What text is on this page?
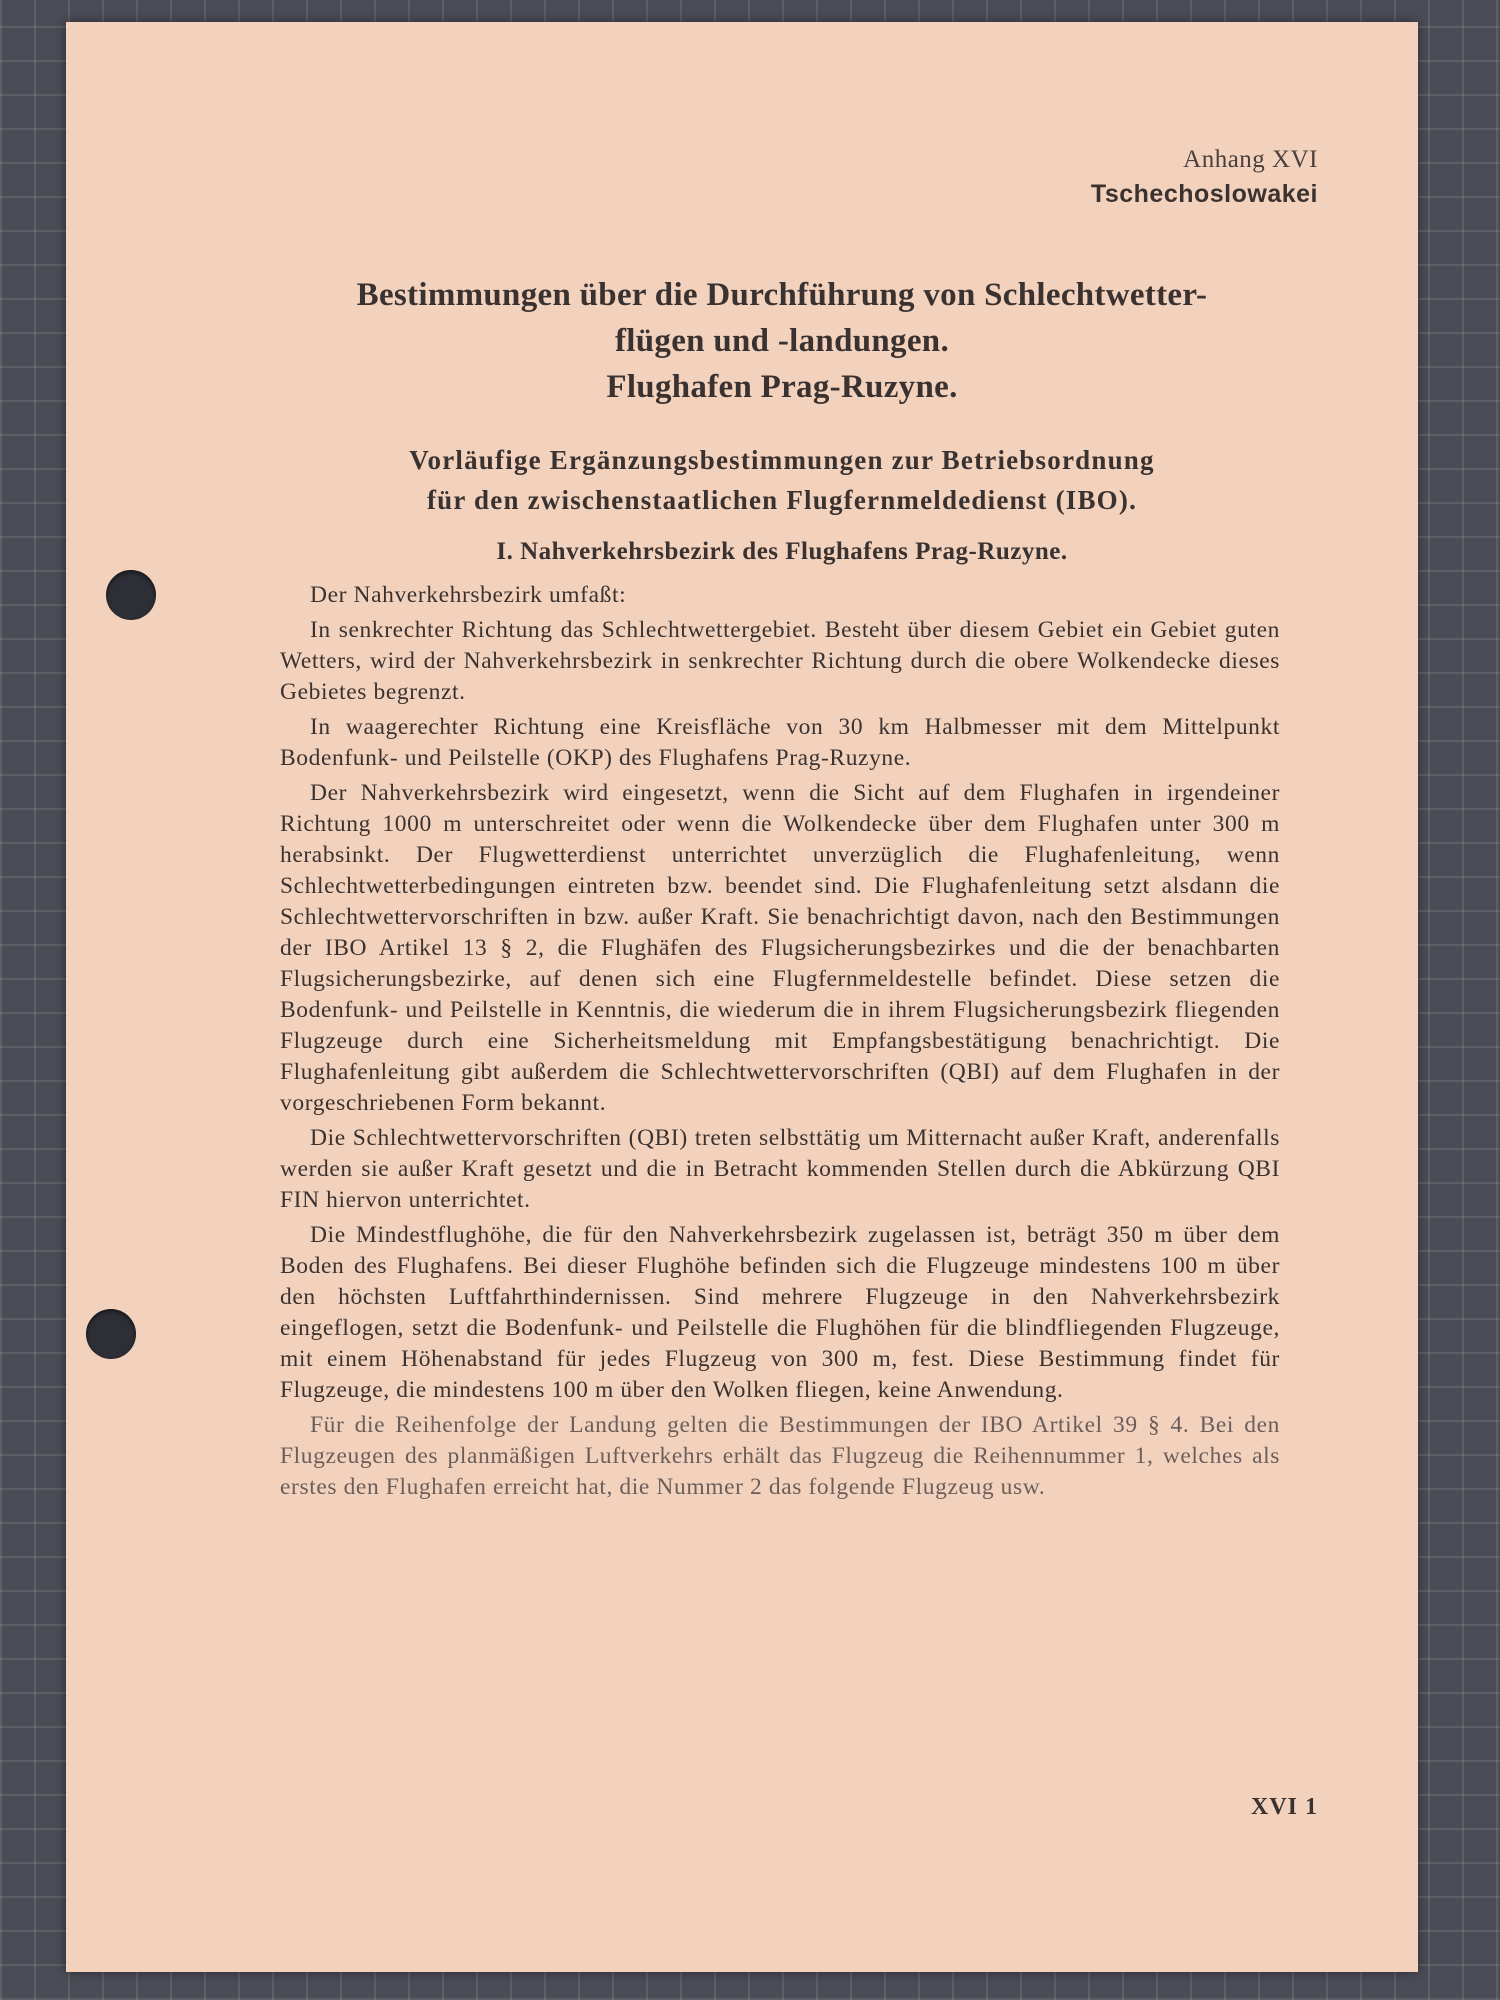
Anhang XVI
Tschechoslowakei
Bestimmungen über die Durchführung von Schlechtwetter-
flügen und -landungen.
Flughafen Prag-Ruzyne.
Vorläufige Ergänzungsbestimmungen zur Betriebsordnung
für den zwischenstaatlichen Flugfernmeldedienst (IBO).
I. Nahverkehrsbezirk des Flughafens Prag-Ruzyne.

Der Nahverkehrsbezirk umfaßt:

In senkrechter Richtung das Schlechtwettergebiet. Besteht über diesem Gebiet ein Gebiet guten Wetters, wird der Nahverkehrsbezirk in senkrechter Richtung durch die obere Wolkendecke dieses Gebietes begrenzt.

In waagerechter Richtung eine Kreisfläche von 30 km Halbmesser mit dem Mittelpunkt Bodenfunk- und Peilstelle (OKP) des Flughafens Prag-Ruzyne.

Der Nahverkehrsbezirk wird eingesetzt, wenn die Sicht auf dem Flughafen in irgendeiner Richtung 1000 m unterschreitet oder wenn die Wolkendecke über dem Flughafen unter 300 m herabsinkt. Der Flugwetterdienst unterrichtet unverzüglich die Flughafenleitung, wenn Schlechtwetterbedingungen eintreten bzw. beendet sind. Die Flughafenleitung setzt alsdann die Schlechtwettervorschriften in bzw. außer Kraft. Sie benachrichtigt davon, nach den Bestimmungen der IBO Artikel 13 § 2, die Flughäfen des Flugsicherungsbezirkes und die der benachbarten Flugsicherungsbezirke, auf denen sich eine Flugfernmeldestelle befindet. Diese setzen die Bodenfunk- und Peilstelle in Kenntnis, die wiederum die in ihrem Flugsicherungsbezirk fliegenden Flugzeuge durch eine Sicherheitsmeldung mit Empfangsbestätigung benachrichtigt. Die Flughafenleitung gibt außerdem die Schlechtwettervorschriften (QBI) auf dem Flughafen in der vorgeschriebenen Form bekannt.

Die Schlechtwettervorschriften (QBI) treten selbsttätig um Mitternacht außer Kraft, anderenfalls werden sie außer Kraft gesetzt und die in Betracht kommenden Stellen durch die Abkürzung QBI FIN hiervon unterrichtet.

Die Mindestflughöhe, die für den Nahverkehrsbezirk zugelassen ist, beträgt 350 m über dem Boden des Flughafens. Bei dieser Flughöhe befinden sich die Flugzeuge mindestens 100 m über den höchsten Luftfahrthindernissen. Sind mehrere Flugzeuge in den Nahverkehrsbezirk eingeflogen, setzt die Bodenfunk- und Peilstelle die Flughöhen für die blindfliegenden Flugzeuge, mit einem Höhenabstand für jedes Flugzeug von 300 m, fest. Diese Bestimmung findet für Flugzeuge, die mindestens 100 m über den Wolken fliegen, keine Anwendung.

Für die Reihenfolge der Landung gelten die Bestimmungen der IBO Artikel 39 § 4. Bei den Flugzeugen des planmäßigen Luftverkehrs erhält das Flugzeug die Reihennummer 1, welches als erstes den Flughafen erreicht hat, die Nummer 2 das folgende Flugzeug usw.

XVI 1
